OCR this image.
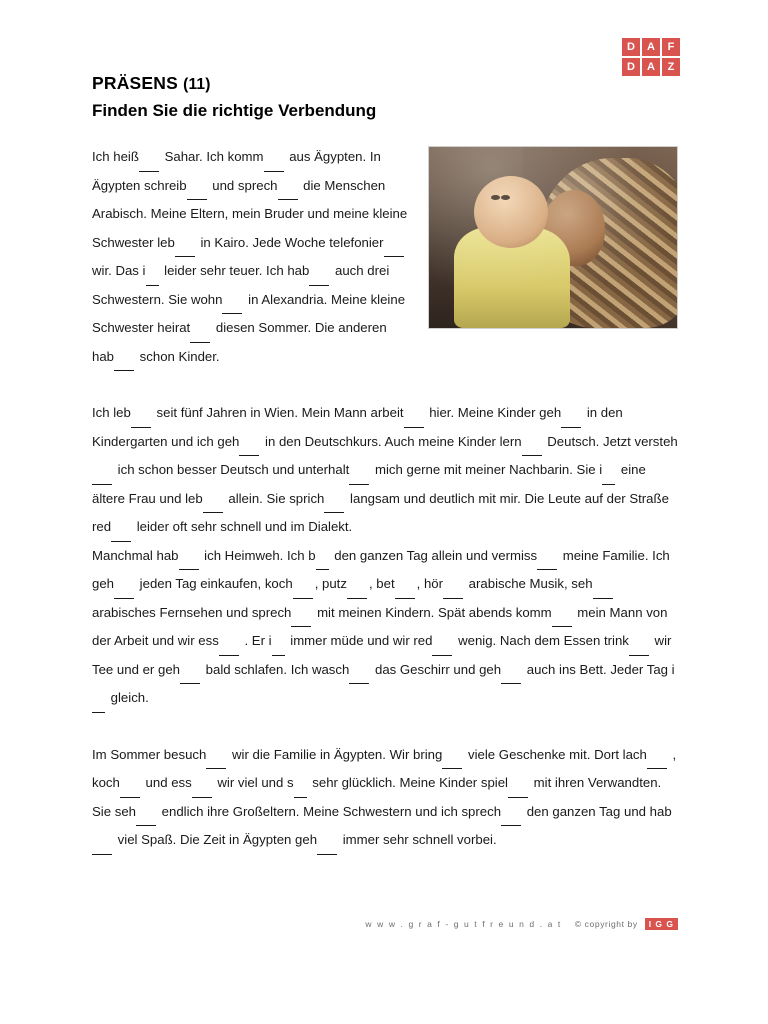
D	A	F
D	A	Z
PRÄSENS (11)
Finden Sie die richtige Verbendung

Ich heiß Sahar. Ich komm aus Ägypten. In Ägypten schreib und sprech die Menschen Arabisch. Meine Eltern, mein Bruder und meine kleine Schwester leb in Kairo. Jede Woche telefonier wir. Das i leider sehr teuer. Ich hab auch drei Schwestern. Sie wohn in Alexandria. Meine kleine Schwester heirat diesen Sommer. Die anderen hab schon Kinder.

Ich leb seit fünf Jahren in Wien. Mein Mann arbeit hier. Meine Kinder geh in den Kindergarten und ich geh in den Deutschkurs. Auch meine Kinder lern Deutsch. Jetzt versteh ich schon besser Deutsch und unterhalt mich gerne mit meiner Nachbarin. Sie i eine ältere Frau und leb allein. Sie sprich langsam und deutlich mit mir. Die Leute auf der Straße red leider oft sehr schnell und im Dialekt.

Manchmal hab ich Heimweh. Ich b den ganzen Tag allein und vermiss meine Familie. Ich geh jeden Tag einkaufen, koch , putz , bet , hör arabische Musik, seh arabisches Fernsehen und sprech mit meinen Kindern. Spät abends komm mein Mann von der Arbeit und wir ess . Er i immer müde und wir red wenig. Nach dem Essen trink wir Tee und er geh bald schlafen. Ich wasch das Geschirr und geh auch ins Bett. Jeder Tag i gleich.

Im Sommer besuch wir die Familie in Ägypten. Wir bring viele Geschenke mit. Dort lach , koch und ess wir viel und s sehr glücklich. Meine Kinder spiel mit ihren Verwandten. Sie seh endlich ihre Großeltern. Meine Schwestern und ich sprech den ganzen Tag und hab viel Spaß. Die Zeit in Ägypten geh immer sehr schnell vorbei.

w w w . g r a f - g u t f r e u n d . a t © copyright by I G G
